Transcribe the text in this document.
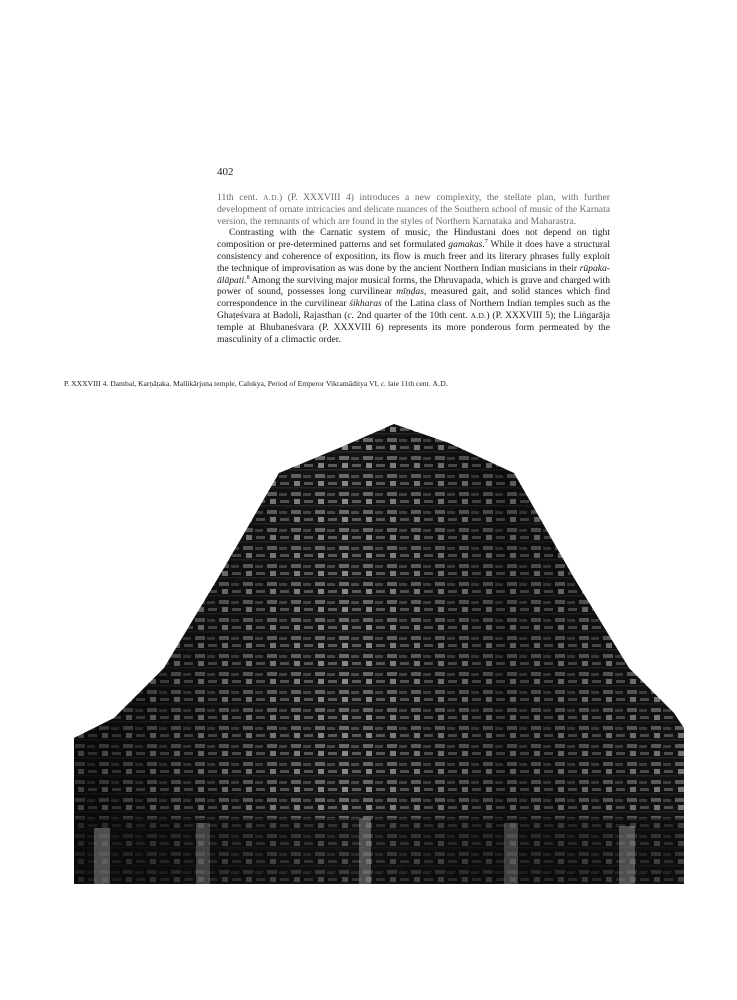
402

11th cent. A.D.) (P. XXXVIII 4) introduces a new complexity, the stellate plan, with further development of ornate intricacies and delicate nuances of the Southern school of music of the Karnata version, the remnants of which are found in the styles of Northern Karnataka and Maharastra.

Contrasting with the Carnatic system of music, the Hindustani does not depend on tight composition or pre-determined patterns and set formulated gamakas.$^7$ While it does have a structural consistency and coherence of exposition, its flow is much freer and its literary phrases fully exploit the technique of improvisation as was done by the ancient Northern Indian musicians in their rūpaka-ālāpati.$^8$ Among the surviving major musical forms, the Dhruvapada, which is grave and charged with power of sound, possesses long curvilinear mīṇḍas, measured gait, and solid stances which find correspondence in the curvilinear śikharas of the Latina class of Northern Indian temples such as the Ghaṭeśvara at Badoli, Rajasthan (c. 2nd quarter of the 10th cent. A.D.) (P. XXXVIII 5); the Liṅgarāja temple at Bhubaneśvara (P. XXXVIII 6) represents its more ponderous form permeated by the masculinity of a climactic order.

P. XXXVIII 4. Dambal, Karṇāṭaka. Mallikārjuna temple, Calukya, Period of Emperor Vikramāditya VI, c. late 11th cent. A.D.
